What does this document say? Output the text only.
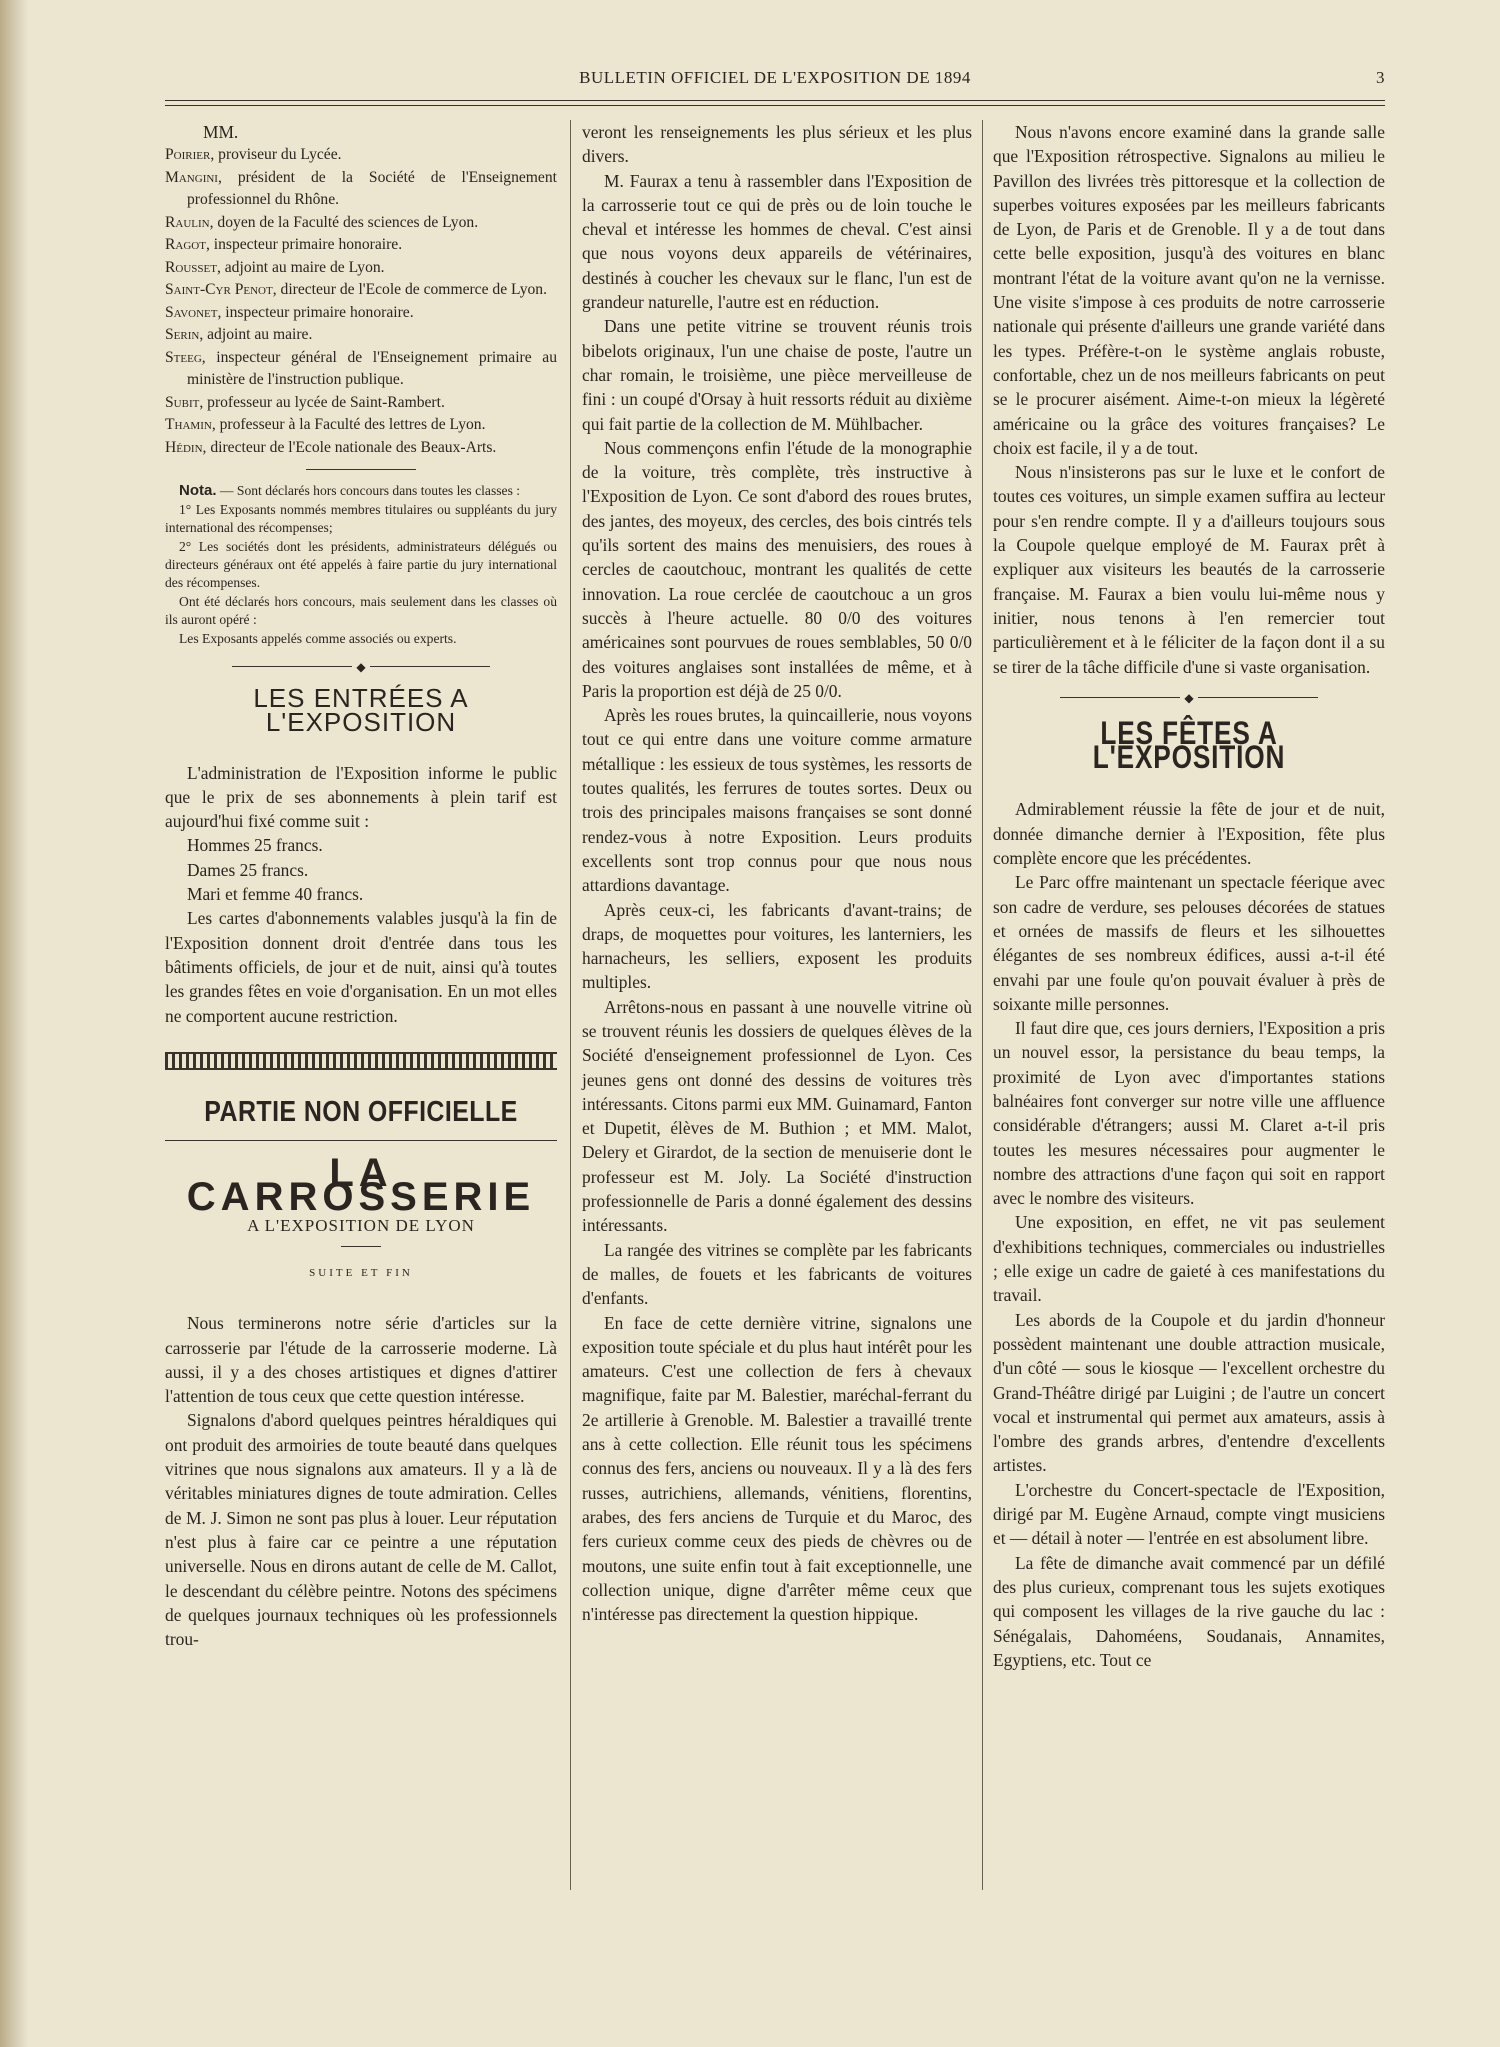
BULLETIN OFFICIEL DE L'EXPOSITION DE 1894	3

MM.

Poirier, proviseur du Lycée.

Mangini, président de la Société de l'Enseignement professionnel du Rhône.

Raulin, doyen de la Faculté des sciences de Lyon.

Ragot, inspecteur primaire honoraire.

Rousset, adjoint au maire de Lyon.

Saint-Cyr Penot, directeur de l'Ecole de commerce de Lyon.

Savonet, inspecteur primaire honoraire.

Serin, adjoint au maire.

Steeg, inspecteur général de l'Enseignement primaire au ministère de l'instruction publique.

Subit, professeur au lycée de Saint-Rambert.

Thamin, professeur à la Faculté des lettres de Lyon.

Hédin, directeur de l'Ecole nationale des Beaux-Arts.

Nota. — Sont déclarés hors concours dans toutes les classes :

1° Les Exposants nommés membres titulaires ou suppléants du jury international des récompenses;

2° Les sociétés dont les présidents, administrateurs délégués ou directeurs généraux ont été appelés à faire partie du jury international des récompenses.

Ont été déclarés hors concours, mais seulement dans les classes où ils auront opéré :

Les Exposants appelés comme associés ou experts.

◆
LES ENTRÉES A L'EXPOSITION

L'administration de l'Exposition informe le public que le prix de ses abonnements à plein tarif est aujourd'hui fixé comme suit :

Hommes 25 francs.

Dames 25 francs.

Mari et femme 40 francs.

Les cartes d'abonnements valables jusqu'à la fin de l'Exposition donnent droit d'entrée dans tous les bâtiments officiels, de jour et de nuit, ainsi qu'à toutes les grandes fêtes en voie d'organisation. En un mot elles ne comportent aucune restriction.

PARTIE NON OFFICIELLE
LA CARROSSERIE

A L'EXPOSITION DE LYON

SUITE ET FIN

Nous terminerons notre série d'articles sur la carrosserie par l'étude de la carrosserie moderne. Là aussi, il y a des choses artistiques et dignes d'attirer l'attention de tous ceux que cette question intéresse.

Signalons d'abord quelques peintres héraldiques qui ont produit des armoiries de toute beauté dans quelques vitrines que nous signalons aux amateurs. Il y a là de véritables miniatures dignes de toute admiration. Celles de M. J. Simon ne sont pas plus à louer. Leur réputation n'est plus à faire car ce peintre a une réputation universelle. Nous en dirons autant de celle de M. Callot, le descendant du célèbre peintre. Notons des spécimens de quelques journaux techniques où les professionnels trou-

veront les renseignements les plus sérieux et les plus divers.

M. Faurax a tenu à rassembler dans l'Exposition de la carrosserie tout ce qui de près ou de loin touche le cheval et intéresse les hommes de cheval. C'est ainsi que nous voyons deux appareils de vétérinaires, destinés à coucher les chevaux sur le flanc, l'un est de grandeur naturelle, l'autre est en réduction.

Dans une petite vitrine se trouvent réunis trois bibelots originaux, l'un une chaise de poste, l'autre un char romain, le troisième, une pièce merveilleuse de fini : un coupé d'Orsay à huit ressorts réduit au dixième qui fait partie de la collection de M. Mühlbacher.

Nous commençons enfin l'étude de la monographie de la voiture, très complète, très instructive à l'Exposition de Lyon. Ce sont d'abord des roues brutes, des jantes, des moyeux, des cercles, des bois cintrés tels qu'ils sortent des mains des menuisiers, des roues à cercles de caoutchouc, montrant les qualités de cette innovation. La roue cerclée de caoutchouc a un gros succès à l'heure actuelle. 80 0/0 des voitures américaines sont pourvues de roues semblables, 50 0/0 des voitures anglaises sont installées de même, et à Paris la proportion est déjà de 25 0/0.

Après les roues brutes, la quincaillerie, nous voyons tout ce qui entre dans une voiture comme armature métallique : les essieux de tous systèmes, les ressorts de toutes qualités, les ferrures de toutes sortes. Deux ou trois des principales maisons françaises se sont donné rendez-vous à notre Exposition. Leurs produits excellents sont trop connus pour que nous nous attardions davantage.

Après ceux-ci, les fabricants d'avant-trains; de draps, de moquettes pour voitures, les lanterniers, les harnacheurs, les selliers, exposent les produits multiples.

Arrêtons-nous en passant à une nouvelle vitrine où se trouvent réunis les dossiers de quelques élèves de la Société d'enseignement professionnel de Lyon. Ces jeunes gens ont donné des dessins de voitures très intéressants. Citons parmi eux MM. Guinamard, Fanton et Dupetit, élèves de M. Buthion ; et MM. Malot, Delery et Girardot, de la section de menuiserie dont le professeur est M. Joly. La Société d'instruction professionnelle de Paris a donné également des dessins intéressants.

La rangée des vitrines se complète par les fabricants de malles, de fouets et les fabricants de voitures d'enfants.

En face de cette dernière vitrine, signalons une exposition toute spéciale et du plus haut intérêt pour les amateurs. C'est une collection de fers à chevaux magnifique, faite par M. Balestier, maréchal-ferrant du 2e artillerie à Grenoble. M. Balestier a travaillé trente ans à cette collection. Elle réunit tous les spécimens connus des fers, anciens ou nouveaux. Il y a là des fers russes, autrichiens, allemands, vénitiens, florentins, arabes, des fers anciens de Turquie et du Maroc, des fers curieux comme ceux des pieds de chèvres ou de moutons, une suite enfin tout à fait exceptionnelle, une collection unique, digne d'arrêter même ceux que n'intéresse pas directement la question hippique.

Nous n'avons encore examiné dans la grande salle que l'Exposition rétrospective. Signalons au milieu le Pavillon des livrées très pittoresque et la collection de superbes voitures exposées par les meilleurs fabricants de Lyon, de Paris et de Grenoble. Il y a de tout dans cette belle exposition, jusqu'à des voitures en blanc montrant l'état de la voiture avant qu'on ne la vernisse. Une visite s'impose à ces produits de notre carrosserie nationale qui présente d'ailleurs une grande variété dans les types. Préfère-t-on le système anglais robuste, confortable, chez un de nos meilleurs fabricants on peut se le procurer aisément. Aime-t-on mieux la légèreté américaine ou la grâce des voitures françaises? Le choix est facile, il y a de tout.

Nous n'insisterons pas sur le luxe et le confort de toutes ces voitures, un simple examen suffira au lecteur pour s'en rendre compte. Il y a d'ailleurs toujours sous la Coupole quelque employé de M. Faurax prêt à expliquer aux visiteurs les beautés de la carrosserie française. M. Faurax a bien voulu lui-même nous y initier, nous tenons à l'en remercier tout particulièrement et à le féliciter de la façon dont il a su se tirer de la tâche difficile d'une si vaste organisation.

◆
LES FÊTES A L'EXPOSITION

Admirablement réussie la fête de jour et de nuit, donnée dimanche dernier à l'Exposition, fête plus complète encore que les précédentes.

Le Parc offre maintenant un spectacle féerique avec son cadre de verdure, ses pelouses décorées de statues et ornées de massifs de fleurs et les silhouettes élégantes de ses nombreux édifices, aussi a-t-il été envahi par une foule qu'on pouvait évaluer à près de soixante mille personnes.

Il faut dire que, ces jours derniers, l'Exposition a pris un nouvel essor, la persistance du beau temps, la proximité de Lyon avec d'importantes stations balnéaires font converger sur notre ville une affluence considérable d'étrangers; aussi M. Claret a-t-il pris toutes les mesures nécessaires pour augmenter le nombre des attractions d'une façon qui soit en rapport avec le nombre des visiteurs.

Une exposition, en effet, ne vit pas seulement d'exhibitions techniques, commerciales ou industrielles ; elle exige un cadre de gaieté à ces manifestations du travail.

Les abords de la Coupole et du jardin d'honneur possèdent maintenant une double attraction musicale, d'un côté — sous le kiosque — l'excellent orchestre du Grand-Théâtre dirigé par Luigini ; de l'autre un concert vocal et instrumental qui permet aux amateurs, assis à l'ombre des grands arbres, d'entendre d'excellents artistes.

L'orchestre du Concert-spectacle de l'Exposition, dirigé par M. Eugène Arnaud, compte vingt musiciens et — détail à noter — l'entrée en est absolument libre.

La fête de dimanche avait commencé par un défilé des plus curieux, comprenant tous les sujets exotiques qui composent les villages de la rive gauche du lac : Sénégalais, Dahoméens, Soudanais, Annamites, Egyptiens, etc. Tout ce
